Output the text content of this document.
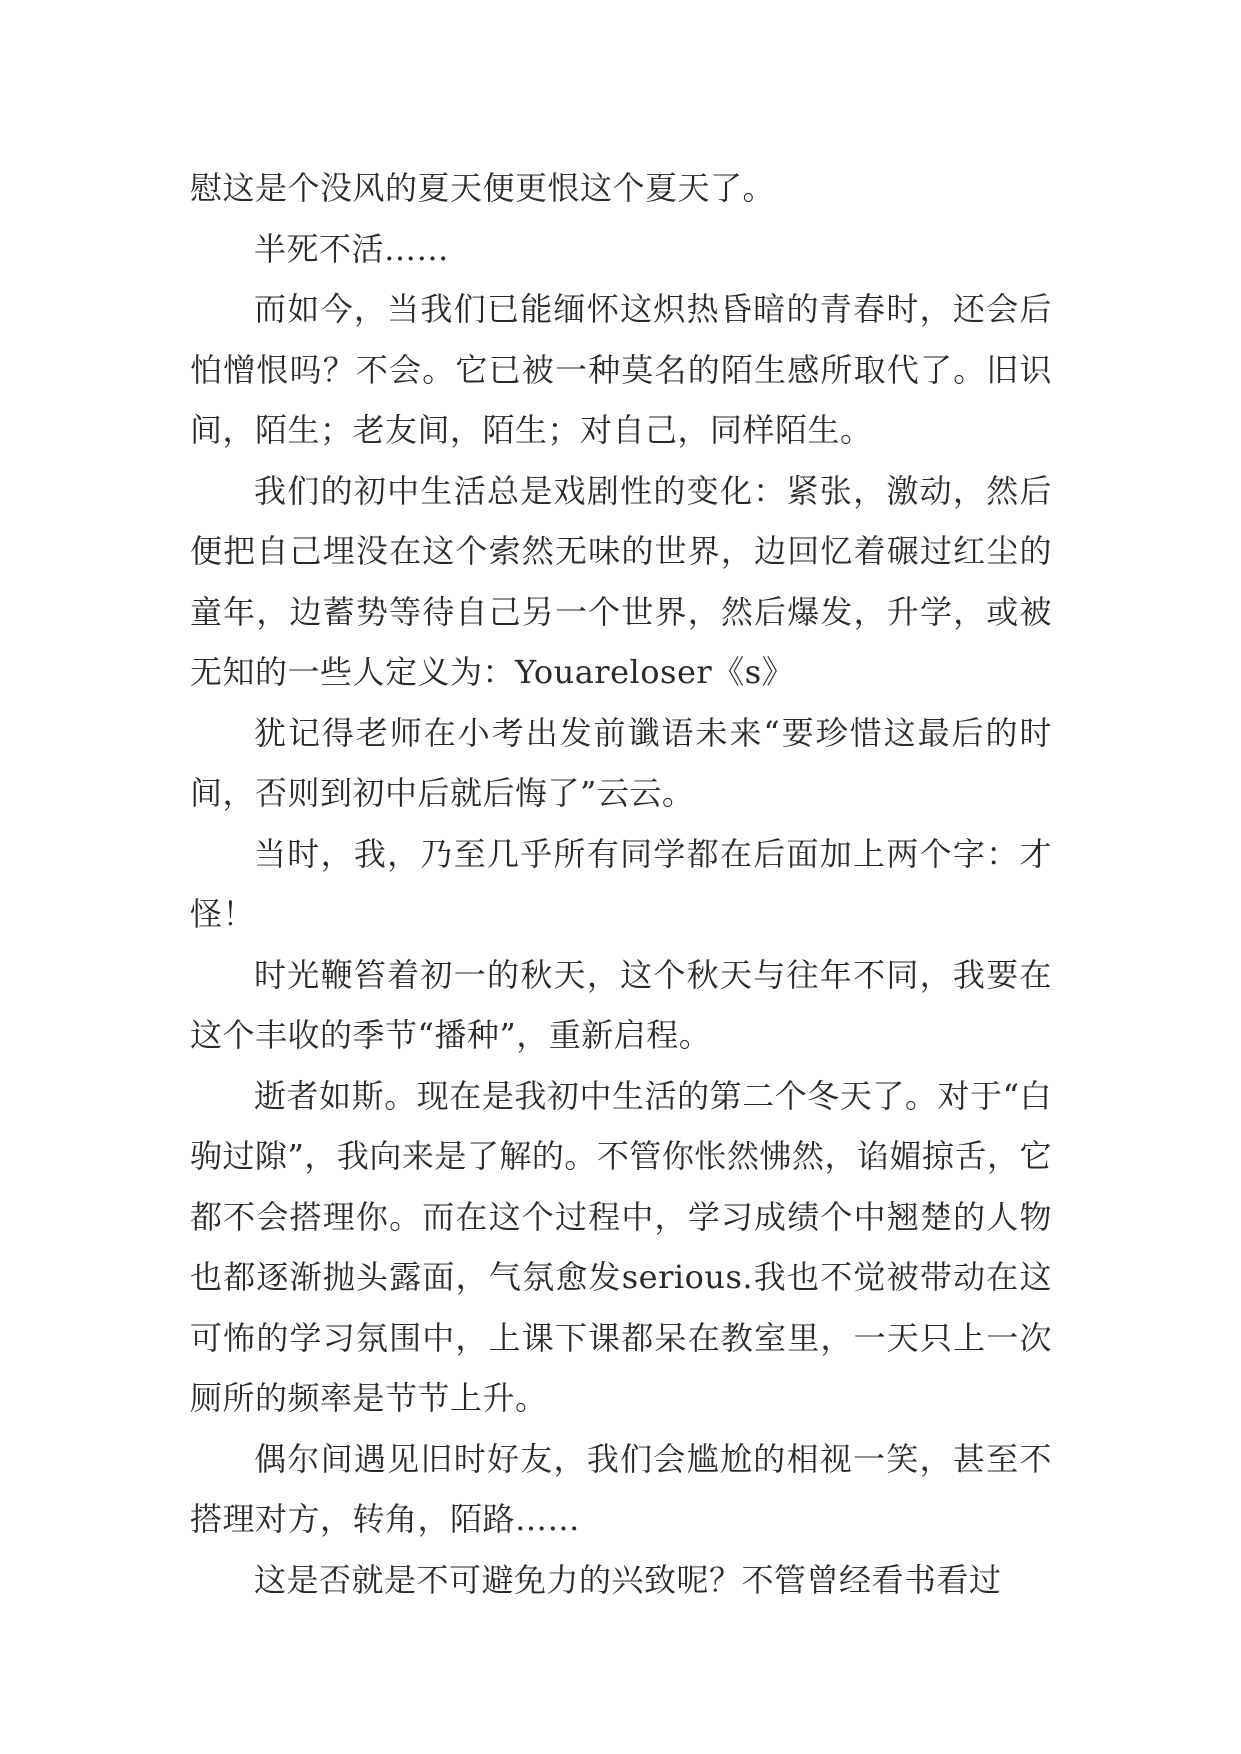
慰这是个没风的夏天便更恨这个夏天了。

半死不活……

而如今，当我们已能缅怀这炽热昏暗的青春时，还会后怕憎恨吗？不会。它已被一种莫名的陌生感所取代了。旧识间，陌生；老友间，陌生；对自己，同样陌生。

我们的初中生活总是戏剧性的变化：紧张，激动，然后便把自己埋没在这个索然无味的世界，边回忆着碾过红尘的童年，边蓄势等待自己另一个世界，然后爆发，升学，或被无知的一些人定义为：Youareloser《s》

犹记得老师在小考出发前谶语未来“要珍惜这最后的时间，否则到初中后就后悔了”云云。

当时，我，乃至几乎所有同学都在后面加上两个字：才怪！

时光鞭笞着初一的秋天，这个秋天与往年不同，我要在这个丰收的季节“播种”，重新启程。

逝者如斯。现在是我初中生活的第二个冬天了。对于“白驹过隙”，我向来是了解的。不管你怅然怫然，谄媚掠舌，它都不会搭理你。而在这个过程中，学习成绩个中翘楚的人物也都逐渐抛头露面，气氛愈发serious.我也不觉被带动在这可怖的学习氛围中，上课下课都呆在教室里，一天只上一次厕所的频率是节节上升。

偶尔间遇见旧时好友，我们会尴尬的相视一笑，甚至不搭理对方，转角，陌路……

这是否就是不可避免力的兴致呢？不管曾经看书看过
